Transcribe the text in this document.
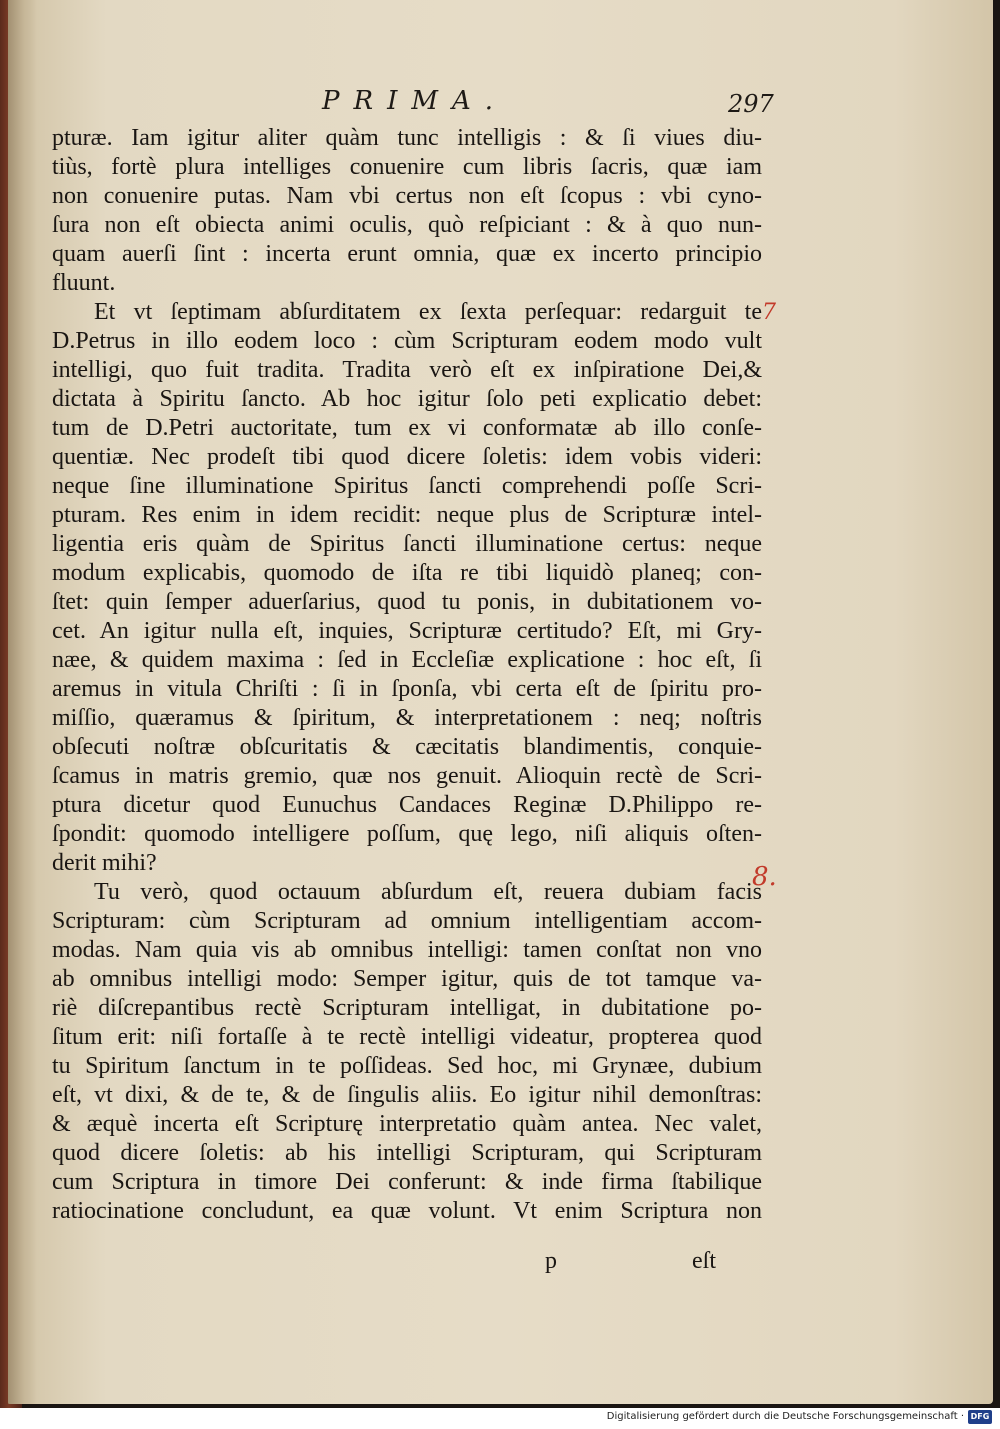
PRIMA.	297
pturæ. Iam igitur aliter quàm tunc intelligis : & ſi viues diu-
tiùs, fortè plura intelliges conuenire cum libris ſacris, quæ iam
non conuenire putas. Nam vbi certus non eſt ſcopus : vbi cyno-
ſura non eſt obiecta animi oculis, quò reſpiciant : & à quo nun-
quam auerſi ſint : incerta erunt omnia, quæ ex incerto principio
fluunt.
Et vt ſeptimam abſurditatem ex ſexta perſequar: redarguit te
D.Petrus in illo eodem loco : cùm Scripturam eodem modo vult
intelligi, quo fuit tradita. Tradita verò eſt ex inſpiratione Dei,&
dictata à Spiritu ſancto. Ab hoc igitur ſolo peti explicatio debet:
tum de D.Petri auctoritate, tum ex vi conformatæ ab illo conſe-
quentiæ. Nec prodeſt tibi quod dicere ſoletis: idem vobis videri:
neque ſine illuminatione Spiritus ſancti comprehendi poſſe Scri-
pturam. Res enim in idem recidit: neque plus de Scripturæ intel-
ligentia eris quàm de Spiritus ſancti illuminatione certus: neque
modum explicabis, quomodo de iſta re tibi liquidò planeq; con-
ſtet: quin ſemper aduerſarius, quod tu ponis, in dubitationem vo-
cet. An igitur nulla eſt, inquies, Scripturæ certitudo? Eſt, mi Gry-
næe, & quidem maxima : ſed in Eccleſiæ explicatione : hoc eſt, ſi
aremus in vitula Chriſti : ſi in ſponſa, vbi certa eſt de ſpiritu pro-
miſſio, quæramus & ſpiritum, & interpretationem : neq; noſtris
obſecuti noſtræ obſcuritatis & cæcitatis blandimentis, conquie-
ſcamus in matris gremio, quæ nos genuit. Alioquin rectè de Scri-
ptura dicetur quod Eunuchus Candaces Reginæ D.Philippo re-
ſpondit: quomodo intelligere poſſum, quę lego, niſi aliquis oſten-
derit mihi?
Tu verò, quod octauum abſurdum eſt, reuera dubiam facis
Scripturam: cùm Scripturam ad omnium intelligentiam accom-
modas. Nam quia vis ab omnibus intelligi: tamen conſtat non vno
ab omnibus intelligi modo: Semper igitur, quis de tot tamque va-
riè diſcrepantibus rectè Scripturam intelligat, in dubitatione po-
ſitum erit: niſi fortaſſe à te rectè intelligi videatur, propterea quod
tu Spiritum ſanctum in te poſſideas. Sed hoc, mi Grynæe, dubium
eſt, vt dixi, & de te, & de ſingulis aliis. Eo igitur nihil demonſtras:
& æquè incerta eſt Scripturę interpretatio quàm antea. Nec valet,
quod dicere ſoletis: ab his intelligi Scripturam, qui Scripturam
cum Scriptura in timore Dei conferunt: & inde firma ſtabilique
ratiocinatione concludunt, ea quæ volunt. Vt enim Scriptura non
7
8.
p	eſt
Digitalisierung gefördert durch die Deutsche Forschungsgemeinschaft · DFG
